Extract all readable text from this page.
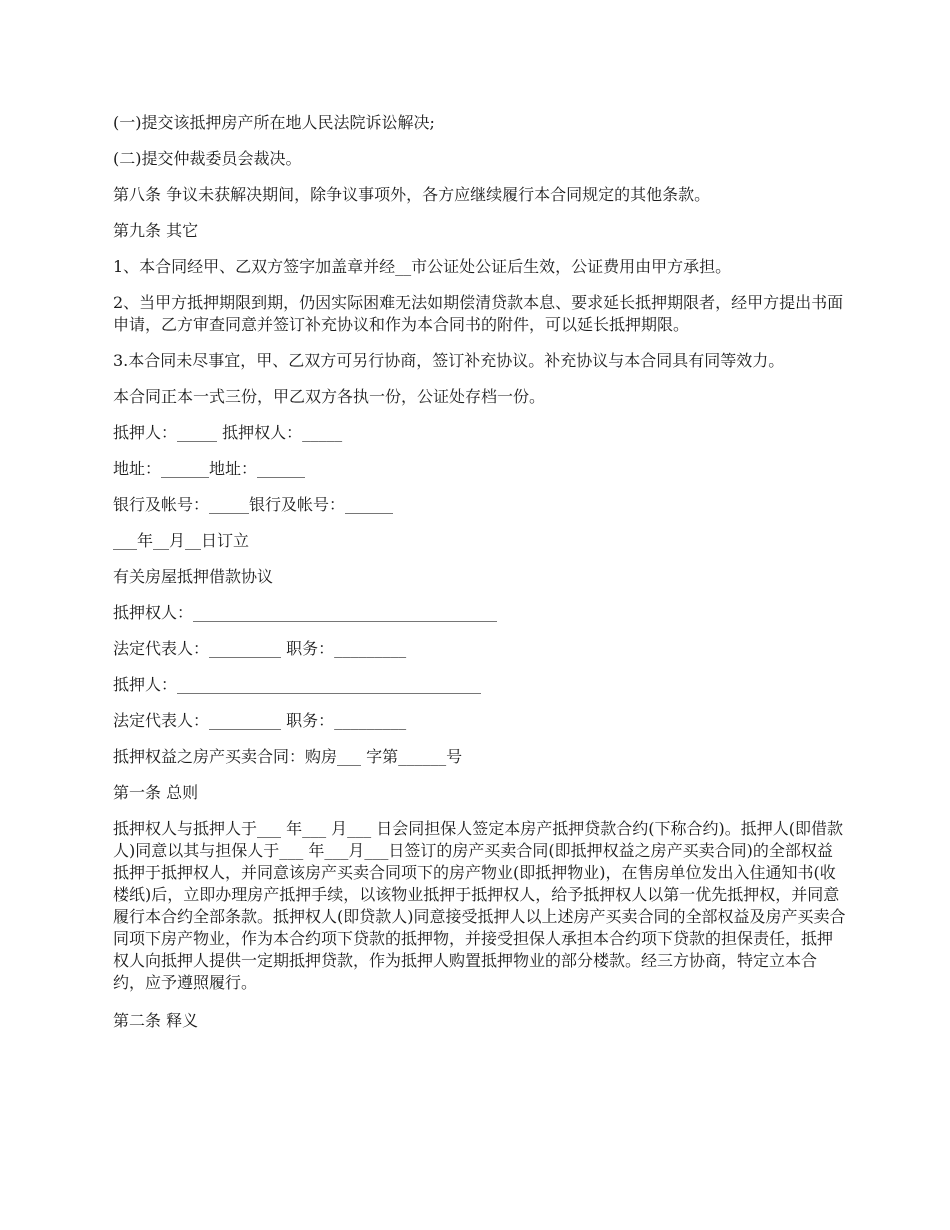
(一)提交该抵押房产所在地人民法院诉讼解决;

(二)提交仲裁委员会裁决。

第八条 争议未获解决期间，除争议事项外，各方应继续履行本合同规定的其他条款。

第九条 其它

1、本合同经甲、乙双方签字加盖章并经__市公证处公证后生效，公证费用由甲方承担。

2、当甲方抵押期限到期，仍因实际困难无法如期偿清贷款本息、要求延长抵押期限者，经甲方提出书面申请，乙方审查同意并签订补充协议和作为本合同书的附件，可以延长抵押期限。

3.本合同未尽事宜，甲、乙双方可另行协商，签订补充协议。补充协议与本合同具有同等效力。

本合同正本一式三份，甲乙双方各执一份，公证处存档一份。

抵押人：_____ 抵押权人：_____

地址：______地址：______

银行及帐号：_____银行及帐号：______

___年__月__日订立

有关房屋抵押借款协议

抵押权人：______________________________________

法定代表人：_________ 职务：_________

抵押人：______________________________________

法定代表人：_________ 职务：_________

抵押权益之房产买卖合同：购房___ 字第______号

第一条 总则

抵押权人与抵押人于___ 年___ 月___ 日会同担保人签定本房产抵押贷款合约(下称合约)。抵押人(即借款人)同意以其与担保人于___ 年___月___日签订的房产买卖合同(即抵押权益之房产买卖合同)的全部权益抵押于抵押权人，并同意该房产买卖合同项下的房产物业(即抵押物业)，在售房单位发出入住通知书(收楼纸)后，立即办理房产抵押手续，以该物业抵押于抵押权人，给予抵押权人以第一优先抵押权，并同意履行本合约全部条款。抵押权人(即贷款人)同意接受抵押人以上述房产买卖合同的全部权益及房产买卖合同项下房产物业，作为本合约项下贷款的抵押物，并接受担保人承担本合约项下贷款的担保责任，抵押权人向抵押人提供一定期抵押贷款，作为抵押人购置抵押物业的部分楼款。经三方协商，特定立本合约，应予遵照履行。

第二条 释义
